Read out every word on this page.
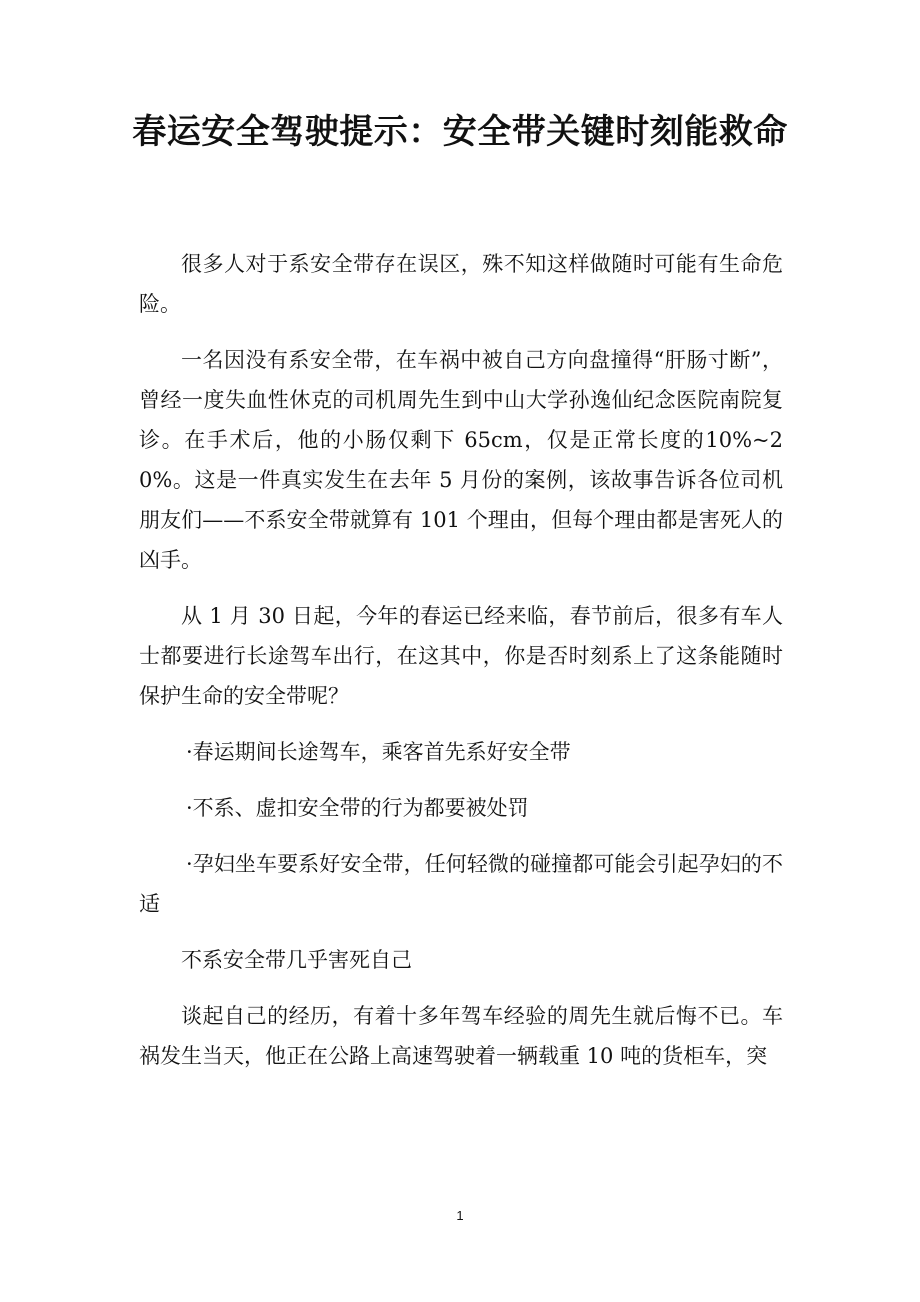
春运安全驾驶提示：安全带关键时刻能救命

很多人对于系安全带存在误区，殊不知这样做随时可能有生命危险。

一名因没有系安全带，在车祸中被自己方向盘撞得“肝肠寸断”，曾经一度失血性休克的司机周先生到中山大学孙逸仙纪念医院南院复诊。在手术后，他的小肠仅剩下 65cm，仅是正常长度的10%~20%。这是一件真实发生在去年 5 月份的案例，该故事告诉各位司机朋友们——不系安全带就算有 101 个理由，但每个理由都是害死人的凶手。

从 1 月 30 日起，今年的春运已经来临，春节前后，很多有车人士都要进行长途驾车出行，在这其中，你是否时刻系上了这条能随时保护生命的安全带呢？

·春运期间长途驾车，乘客首先系好安全带

·不系、虚扣安全带的行为都要被处罚

·孕妇坐车要系好安全带，任何轻微的碰撞都可能会引起孕妇的不适

不系安全带几乎害死自己

谈起自己的经历，有着十多年驾车经验的周先生就后悔不已。车祸发生当天，他正在公路上高速驾驶着一辆载重 10 吨的货柜车，突

1
